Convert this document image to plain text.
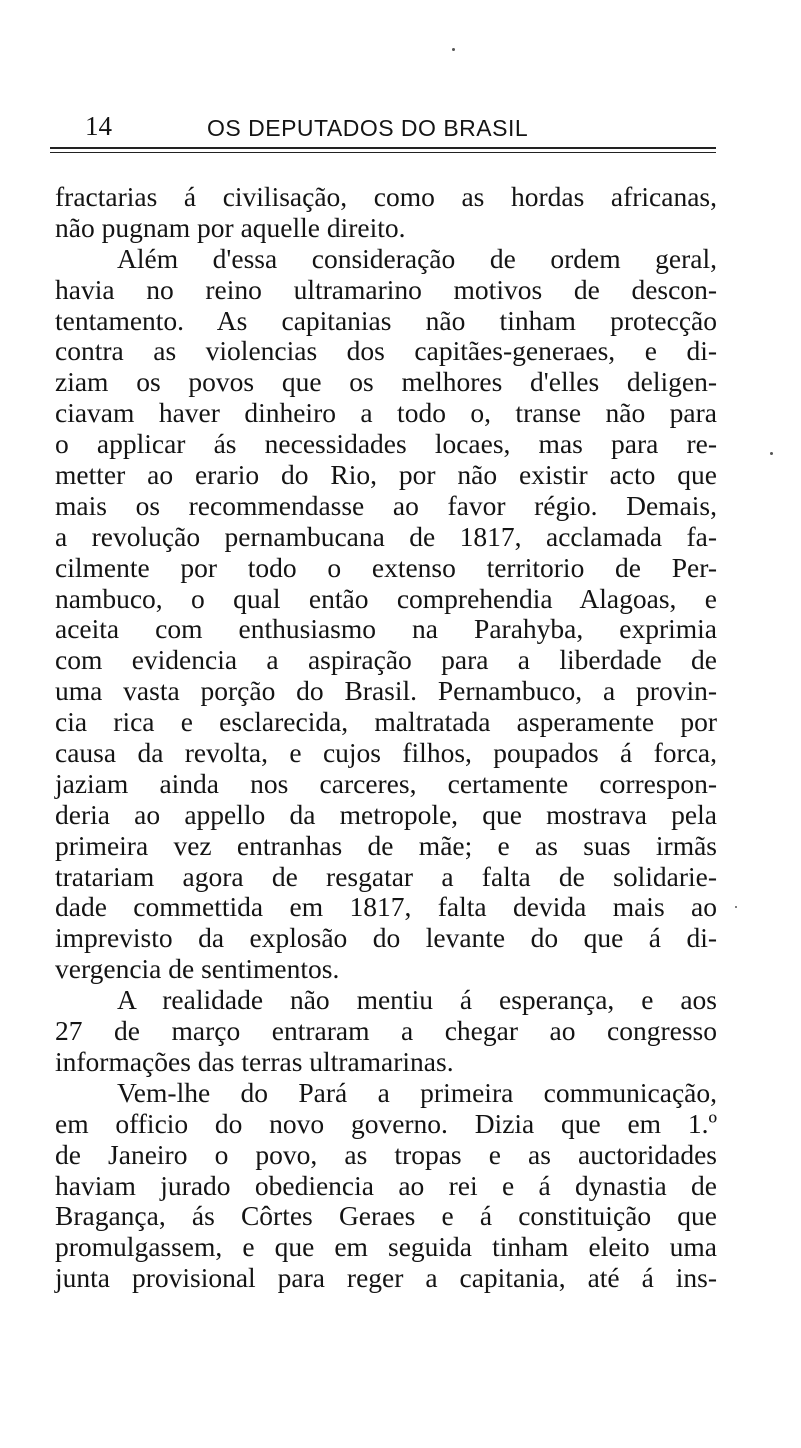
14	OS DEPUTADOS DO BRASIL
fractarias á civilisação, como as hordas africanas,
não pugnam por aquelle direito.
Além d'essa consideração de ordem geral,
havia no reino ultramarino motivos de descon-
tentamento. As capitanias não tinham protecção
contra as violencias dos capitães-generaes, e di-
ziam os povos que os melhores d'elles deligen-
ciavam haver dinheiro a todo o, transe não para
o applicar ás necessidades locaes, mas para re-
metter ao erario do Rio, por não existir acto que
mais os recommendasse ao favor régio. Demais,
a revolução pernambucana de 1817, acclamada fa-
cilmente por todo o extenso territorio de Per-
nambuco, o qual então comprehendia Alagoas, e
aceita com enthusiasmo na Parahyba, exprimia
com evidencia a aspiração para a liberdade de
uma vasta porção do Brasil. Pernambuco, a provin-
cia rica e esclarecida, maltratada asperamente por
causa da revolta, e cujos filhos, poupados á forca,
jaziam ainda nos carceres, certamente correspon-
deria ao appello da metropole, que mostrava pela
primeira vez entranhas de mãe; e as suas irmãs
tratariam agora de resgatar a falta de solidarie-
dade commettida em 1817, falta devida mais ao
imprevisto da explosão do levante do que á di-
vergencia de sentimentos.
A realidade não mentiu á esperança, e aos
27 de março entraram a chegar ao congresso
informações das terras ultramarinas.
Vem-lhe do Pará a primeira communicação,
em officio do novo governo. Dizia que em 1.º
de Janeiro o povo, as tropas e as auctoridades
haviam jurado obediencia ao rei e á dynastia de
Bragança, ás Côrtes Geraes e á constituição que
promulgassem, e que em seguida tinham eleito uma
junta provisional para reger a capitania, até á ins-
